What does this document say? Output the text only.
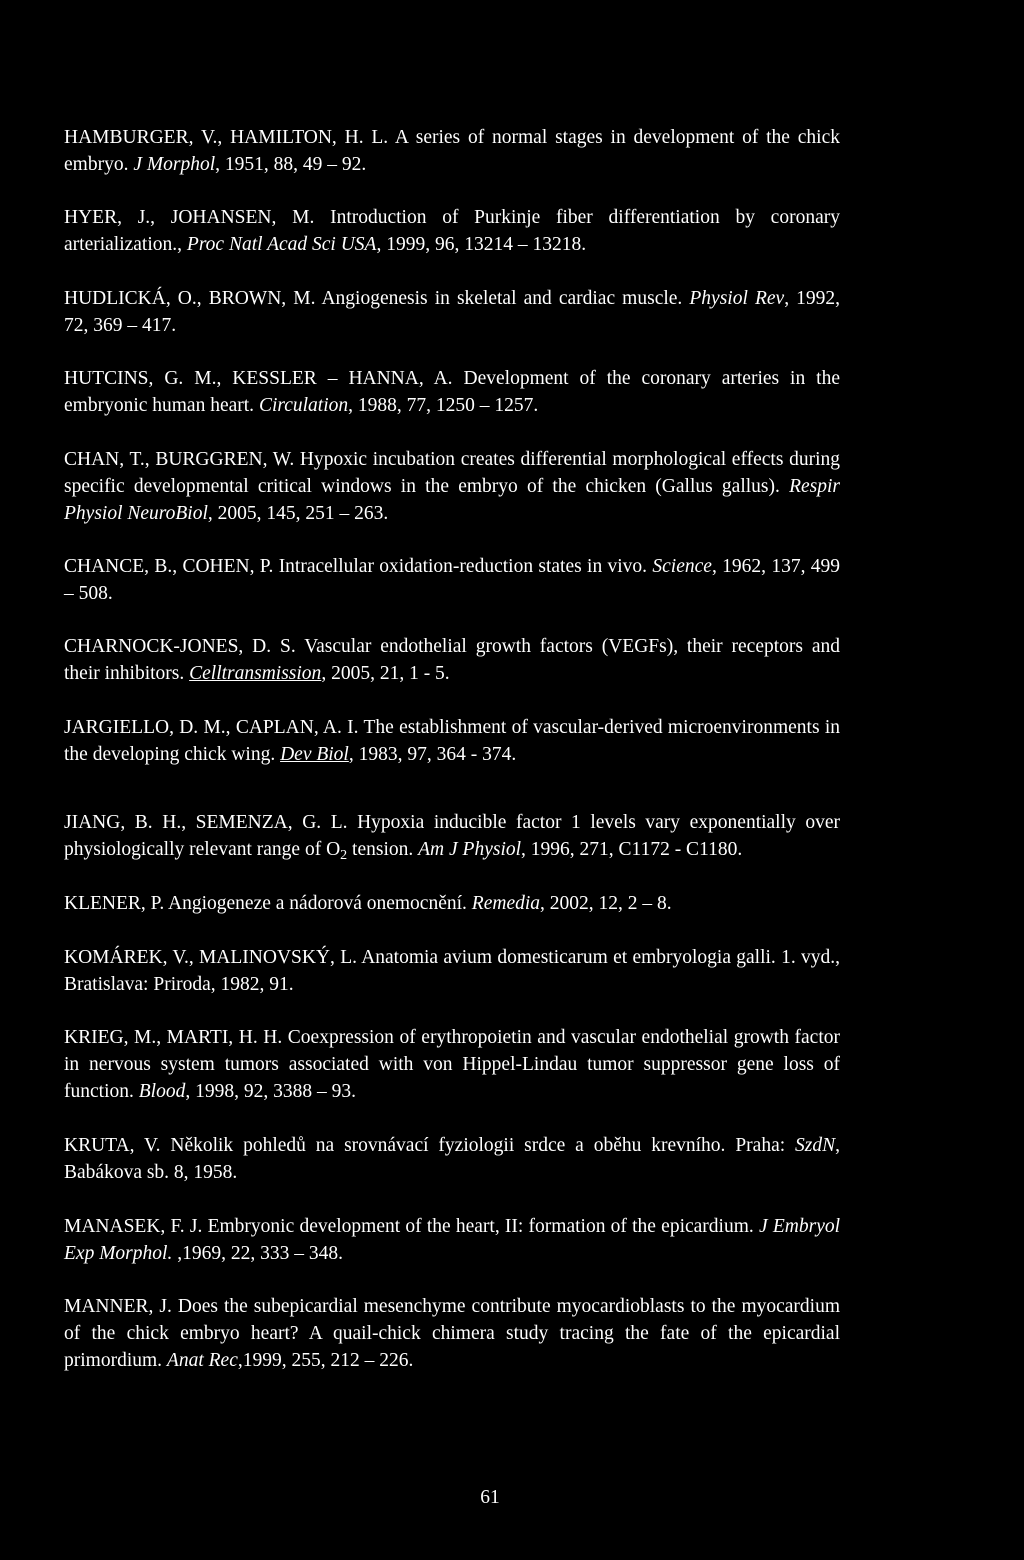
HAMBURGER, V., HAMILTON, H. L. A series of normal stages in development of the chick embryo. J Morphol, 1951, 88, 49 – 92.

HYER, J., JOHANSEN, M. Introduction of Purkinje fiber differentiation by coronary arterialization., Proc Natl Acad Sci USA, 1999, 96, 13214 – 13218.

HUDLICKÁ, O., BROWN, M. Angiogenesis in skeletal and cardiac muscle. Physiol Rev, 1992, 72, 369 – 417.

HUTCINS, G. M., KESSLER – HANNA, A. Development of the coronary arteries in the embryonic human heart. Circulation, 1988, 77, 1250 – 1257.

CHAN, T., BURGGREN, W. Hypoxic incubation creates differential morphological effects during specific developmental critical windows in the embryo of the chicken (Gallus gallus). Respir Physiol NeuroBiol, 2005, 145, 251 – 263.

CHANCE, B., COHEN, P. Intracellular oxidation-reduction states in vivo. Science, 1962, 137, 499 – 508.

CHARNOCK-JONES, D. S. Vascular endothelial growth factors (VEGFs), their receptors and their inhibitors. Celltransmission, 2005, 21, 1 - 5.

JARGIELLO, D. M., CAPLAN, A. I. The establishment of vascular-derived microenvironments in the developing chick wing. Dev Biol, 1983, 97, 364 - 374.

JIANG, B. H., SEMENZA, G. L. Hypoxia inducible factor 1 levels vary exponentially over physiologically relevant range of $O_2$ tension. Am J Physiol, 1996, 271, C1172 - C1180.

KLENER, P. Angiogeneze a nádorová onemocnění. Remedia, 2002, 12, 2 – 8.

KOMÁREK, V., MALINOVSKÝ, L. Anatomia avium domesticarum et embryologia galli. 1. vyd., Bratislava: Priroda, 1982, 91.

KRIEG, M., MARTI, H. H. Coexpression of erythropoietin and vascular endothelial growth factor in nervous system tumors associated with von Hippel-Lindau tumor suppressor gene loss of function. Blood, 1998, 92, 3388 – 93.

KRUTA, V. Několik pohledů na srovnávací fyziologii srdce a oběhu krevního. Praha: SzdN, Babákova sb. 8, 1958.

MANASEK, F. J. Embryonic development of the heart, II: formation of the epicardium. J Embryol Exp Morphol. ,1969, 22, 333 – 348.

MANNER, J. Does the subepicardial mesenchyme contribute myocardioblasts to the myocardium of the chick embryo heart? A quail-chick chimera study tracing the fate of the epicardial primordium. Anat Rec,1999, 255, 212 – 226.

61
